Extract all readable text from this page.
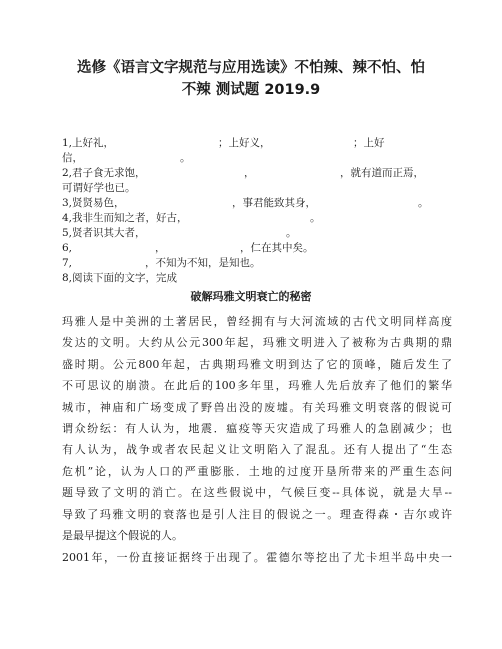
选修《语言文字规范与应用选读》不怕辣、辣不怕、怕
不辣 测试题 2019.9
1,上好礼，	；上好义，	；上好
信，	。
2,君子食无求饱，	，	，就有道而正焉，
可谓好学也已。
3,贤贤易色，	，事君能致其身，	。
4,我非生而知之者，好古，	。
5,贤者识其大者，	。
6,	，	，仁在其中矣。
7,	，不知为不知，是知也。
8,阅读下面的文字，完成
破解玛雅文明衰亡的秘密
玛雅人是中美洲的土著居民，曾经拥有与大河流域的古代文明同样高度
发达的文明。大约从公元300年起，玛雅文明进入了被称为古典期的鼎
盛时期。公元800年起，古典期玛雅文明到达了它的顶峰，随后发生了
不可思议的崩溃。在此后的100多年里，玛雅人先后放弃了他们的繁华
城市，神庙和广场变成了野兽出没的废墟。有关玛雅文明衰落的假说可
谓众纷纭：有人认为，地震．瘟疫等天灾造成了玛雅人的急剧减少；也
有人认为，战争或者农民起义让文明陷入了混乱。还有人提出了“生态
危机”论，认为人口的严重膨胀．土地的过度开垦所带来的严重生态问
题导致了文明的消亡。在这些假说中，气候巨变--具体说，就是大旱--
导致了玛雅文明的衰落也是引人注目的假说之一。理查得森・吉尔或许
是最早提这个假说的人。
2001年，一份直接证据终于出现了。霍德尔等挖出了尤卡坦半岛中央一
